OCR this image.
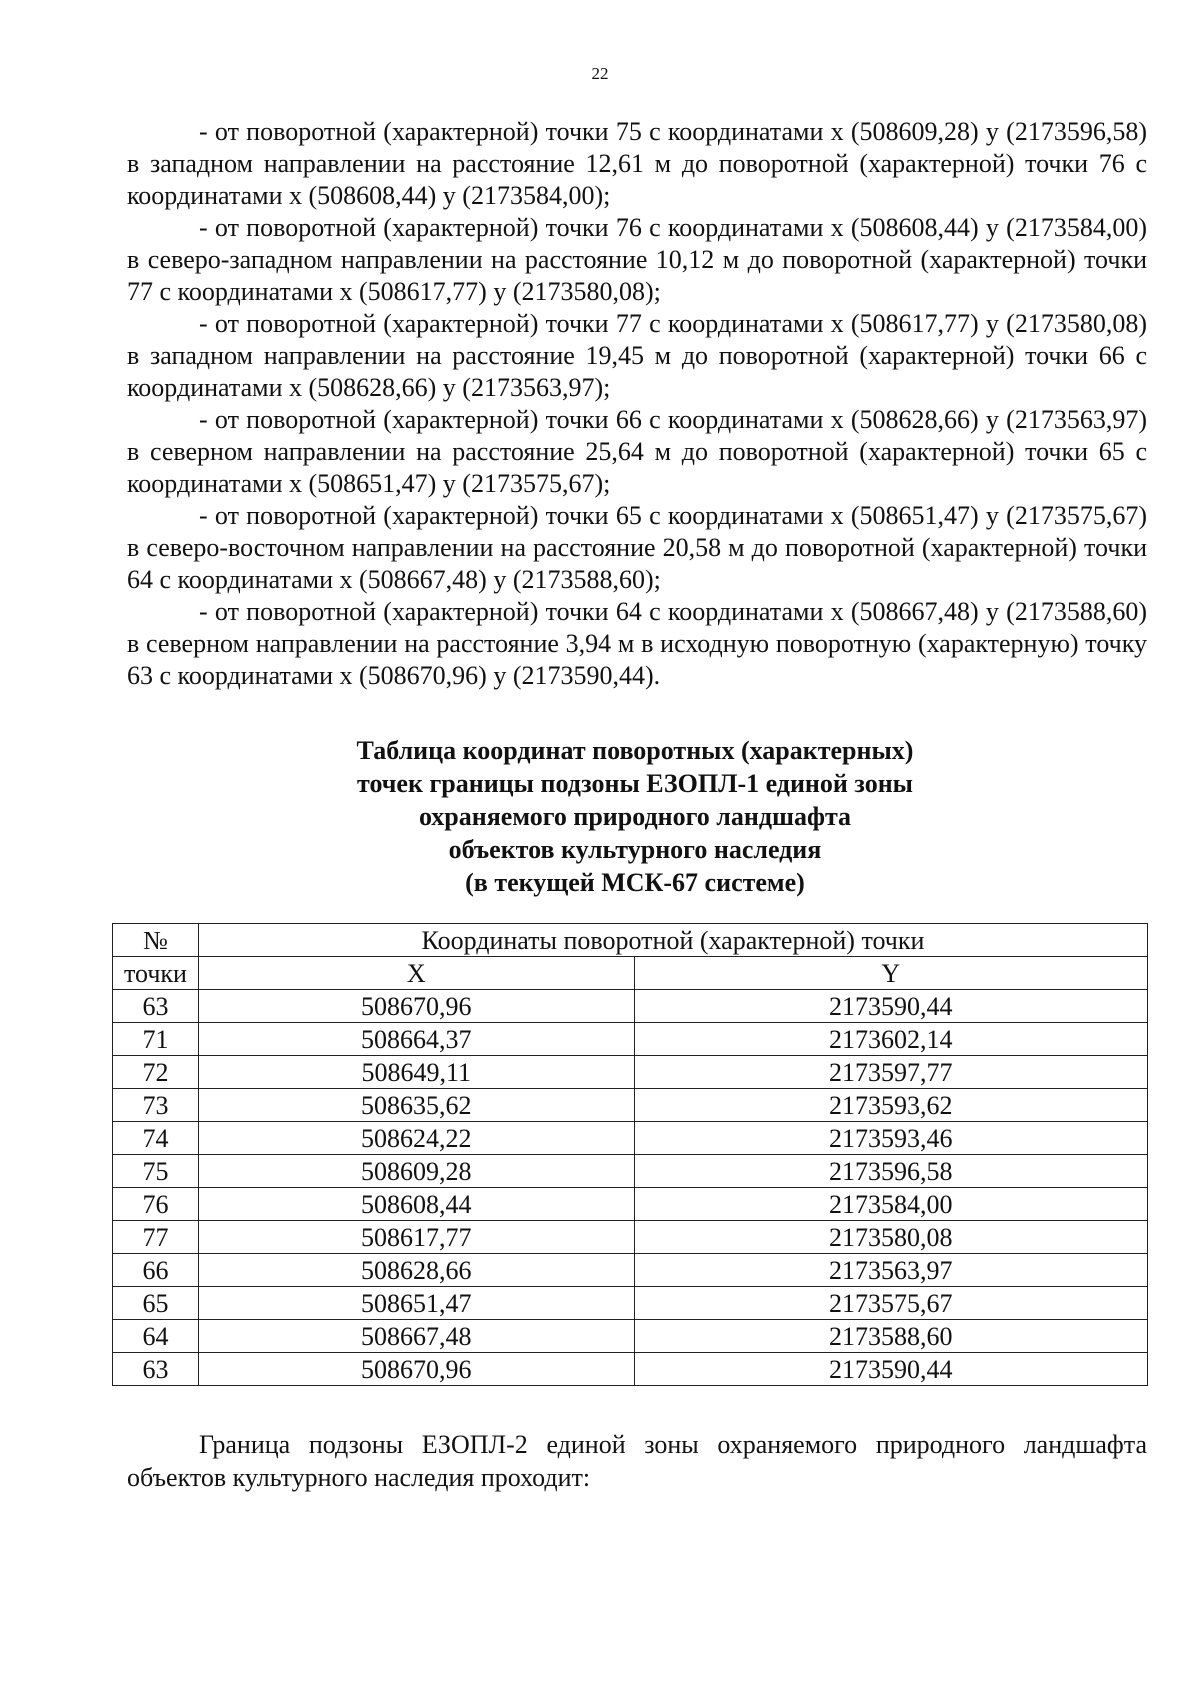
22

- от поворотной (характерной) точки 75 с координатами х (508609,28) у (2173596,58) в западном направлении на расстояние 12,61 м до поворотной (характерной) точки 76 с координатами х (508608,44) у (2173584,00);

- от поворотной (характерной) точки 76 с координатами х (508608,44) у (2173584,00) в северо-западном направлении на расстояние 10,12 м до поворотной (характерной) точки 77 с координатами х (508617,77) у (2173580,08);

- от поворотной (характерной) точки 77 с координатами х (508617,77) у (2173580,08) в западном направлении на расстояние 19,45 м до поворотной (характерной) точки 66 с координатами х (508628,66) у (2173563,97);

- от поворотной (характерной) точки 66 с координатами х (508628,66) у (2173563,97) в северном направлении на расстояние 25,64 м до поворотной (характерной) точки 65 с координатами х (508651,47) у (2173575,67);

- от поворотной (характерной) точки 65 с координатами х (508651,47) у (2173575,67) в северо-восточном направлении на расстояние 20,58 м до поворотной (характерной) точки 64 с координатами х (508667,48) у (2173588,60);

- от поворотной (характерной) точки 64 с координатами х (508667,48) у (2173588,60) в северном направлении на расстояние 3,94 м в исходную поворотную (характерную) точку 63 с координатами х (508670,96) у (2173590,44).

Таблица координат поворотных (характерных)
точек границы подзоны ЕЗОПЛ-1 единой зоны
охраняемого природного ландшафта
объектов культурного наследия
(в текущей МСК-67 системе)
№	Координаты поворотной (характерной) точки	
точки	X	Y
63	508670,96	2173590,44
71	508664,37	2173602,14
72	508649,11	2173597,77
73	508635,62	2173593,62
74	508624,22	2173593,46
75	508609,28	2173596,58
76	508608,44	2173584,00
77	508617,77	2173580,08
66	508628,66	2173563,97
65	508651,47	2173575,67
64	508667,48	2173588,60
63	508670,96	2173590,44

Граница подзоны ЕЗОПЛ-2 единой зоны охраняемого природного ландшафта объектов культурного наследия проходит:
